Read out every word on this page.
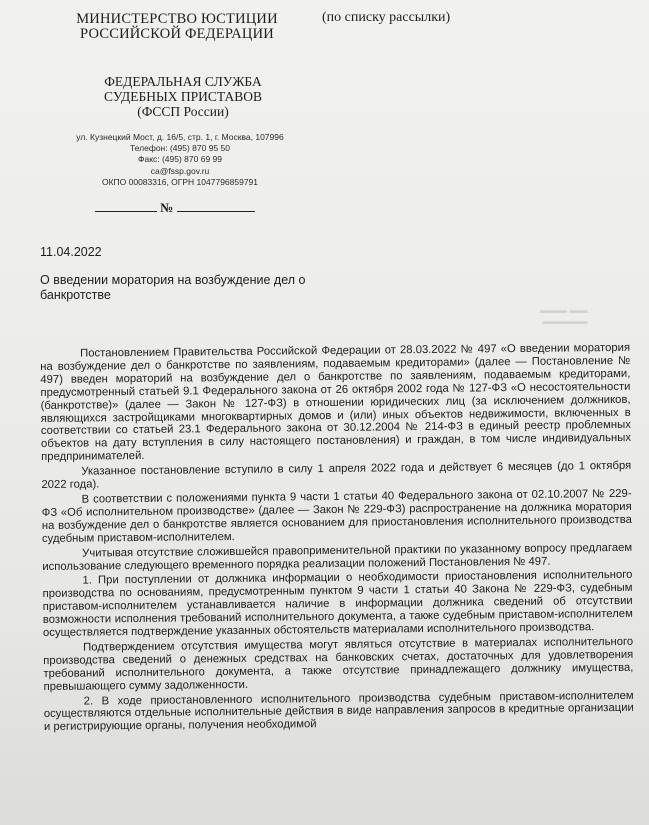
МИНИСТЕРСТВО ЮСТИЦИИ
РОССИЙСКОЙ ФЕДЕРАЦИИ
(по списку рассылки)
ФЕДЕРАЛЬНАЯ СЛУЖБА
СУДЕБНЫХ ПРИСТАВОВ
(ФССП России)
ул. Кузнецкий Мост, д. 16/5, стр. 1, г. Москва, 107996
Телефон: (495) 870 95 50
Факс: (495) 870 69 99
ca@fssp.gov.ru
ОКПО 00083316, ОГРН 1047796859791
№
11.04.2022
О введении моратория на возбуждение дел о банкротстве
▬▬▬ ▬▬
▬▬▬▬▬

Постановлением Правительства Российской Федерации от 28.03.2022 № 497 «О введении моратория на возбуждение дел о банкротстве по заявлениям, подаваемым кредиторами» (далее — Постановление № 497) введен мораторий на возбуждение дел о банкротстве по заявлениям, подаваемым кредиторами, предусмотренный статьей 9.1 Федерального закона от 26 октября 2002 года № 127-ФЗ «О несостоятельности (банкротстве)» (далее — Закон № 127-ФЗ) в отношении юридических лиц (за исключением должников, являющихся застройщиками многоквартирных домов и (или) иных объектов недвижимости, включенных в соответствии со статьей 23.1 Федерального закона от 30.12.2004 № 214-ФЗ в единый реестр проблемных объектов на дату вступления в силу настоящего постановления) и граждан, в том числе индивидуальных предпринимателей.

Указанное постановление вступило в силу 1 апреля 2022 года и действует 6 месяцев (до 1 октября 2022 года).

В соответствии с положениями пункта 9 части 1 статьи 40 Федерального закона от 02.10.2007 № 229-ФЗ «Об исполнительном производстве» (далее — Закон № 229-ФЗ) распространение на должника моратория на возбуждение дел о банкротстве является основанием для приостановления исполнительного производства судебным приставом-исполнителем.

Учитывая отсутствие сложившейся правоприменительной практики по указанному вопросу предлагаем использование следующего временного порядка реализации положений Постановления № 497.

1. При поступлении от должника информации о необходимости приостановления исполнительного производства по основаниям, предусмотренным пунктом 9 части 1 статьи 40 Закона № 229-ФЗ, судебным приставом-исполнителем устанавливается наличие в информации должника сведений об отсутствии возможности исполнения требований исполнительного документа, а также судебным приставом-исполнителем осуществляется подтверждение указанных обстоятельств материалами исполнительного производства.

Подтверждением отсутствия имущества могут являться отсутствие в материалах исполнительного производства сведений о денежных средствах на банковских счетах, достаточных для удовлетворения требований исполнительного документа, а также отсутствие принадлежащего должнику имущества, превышающего сумму задолженности.

2. В ходе приостановленного исполнительного производства судебным приставом-исполнителем осуществляются отдельные исполнительные действия в виде направления запросов в кредитные организации и регистрирующие органы, получения необходимой
